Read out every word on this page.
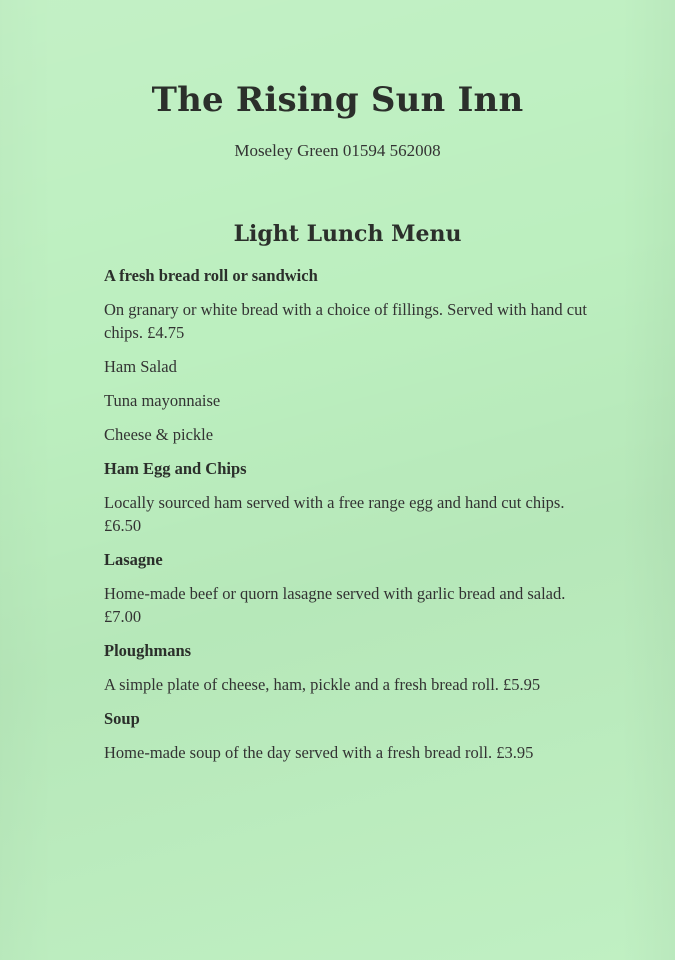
The Rising Sun Inn
Moseley Green 01594 562008
Light Lunch Menu
A fresh bread roll or sandwich
On granary or white bread with a choice of fillings. Served with hand cut chips. £4.75
Ham Salad
Tuna mayonnaise
Cheese & pickle
Ham Egg and Chips
Locally sourced ham served with a free range egg and hand cut chips. £6.50
Lasagne
Home-made beef or quorn lasagne served with garlic bread and salad. £7.00
Ploughmans
A simple plate of cheese, ham, pickle and a fresh bread roll. £5.95
Soup
Home-made soup of the day served with a fresh bread roll. £3.95
